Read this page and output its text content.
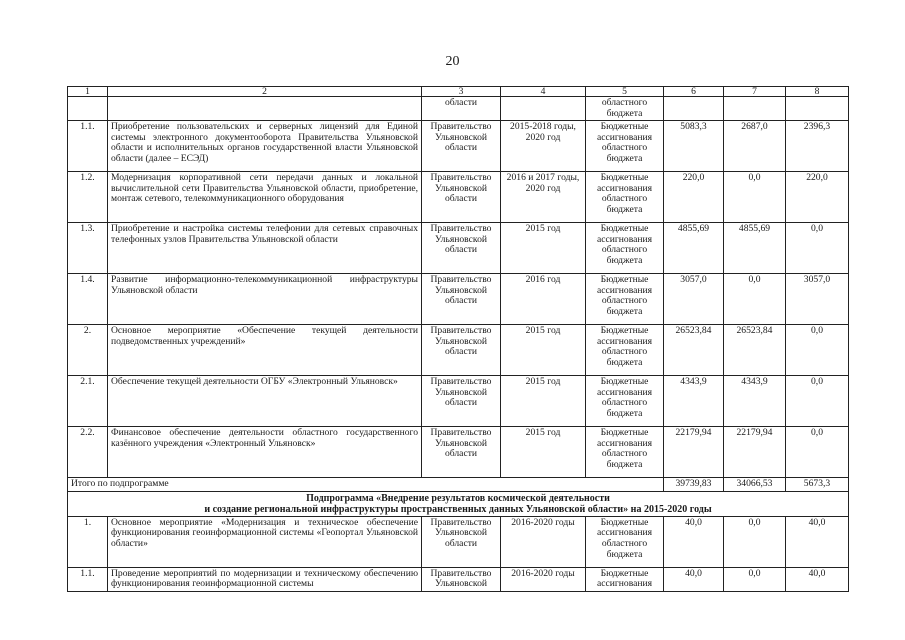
20
1	2	3	4	5	6	7	8
		области		областного бюджета			
1.1.	Приобретение пользовательских и серверных лицензий для Единой системы электронного документооборота Правительства Ульяновской области и исполнительных органов государственной власти Ульяновской области (далее – ЕСЭД)	Правительство Ульяновской области	2015-2018 годы, 2020 год	Бюджетные ассигнования областного бюджета	5083,3	2687,0	2396,3
1.2.	Модернизация корпоративной сети передачи данных и локальной вычислительной сети Правительства Ульяновской области, приобретение, монтаж сетевого, телекоммуникационного оборудования	Правительство Ульяновской области	2016 и 2017 годы, 2020 год	Бюджетные ассигнования областного бюджета	220,0	0,0	220,0
1.3.	Приобретение и настройка системы телефонии для сетевых справочных телефонных узлов Правительства Ульяновской области	Правительство Ульяновской области	2015 год	Бюджетные ассигнования областного бюджета	4855,69	4855,69	0,0
1.4.	Развитие информационно-телекоммуникационной инфраструктуры Ульяновской области	Правительство Ульяновской области	2016 год	Бюджетные ассигнования областного бюджета	3057,0	0,0	3057,0
2.	Основное мероприятие «Обеспечение текущей деятельности подведомственных учреждений»	Правительство Ульяновской области	2015 год	Бюджетные ассигнования областного бюджета	26523,84	26523,84	0,0
2.1.	Обеспечение текущей деятельности ОГБУ «Электронный Ульяновск»	Правительство Ульяновской области	2015 год	Бюджетные ассигнования областного бюджета	4343,9	4343,9	0,0
2.2.	Финансовое обеспечение деятельности областного государственного казённого учреждения «Электронный Ульяновск»	Правительство Ульяновской области	2015 год	Бюджетные ассигнования областного бюджета	22179,94	22179,94	0,0
Итого по подпрограмме					39739,83	34066,53	5673,3

Подпрограмма «Внедрение результатов космической деятельности
и создание региональной инфраструктуры пространственных данных Ульяновской области» на 2015-2020 годы							

1.	Основное мероприятие «Модернизация и техническое обеспечение функционирования геоинформационной системы «Геопортал Ульяновской области»	Правительство Ульяновской области	2016-2020 годы	Бюджетные ассигнования областного бюджета	40,0	0,0	40,0
1.1.	Проведение мероприятий по модернизации и техническому обеспечению функционирования геоинформационной системы	Правительство Ульяновской	2016-2020 годы	Бюджетные ассигнования	40,0	0,0	40,0
